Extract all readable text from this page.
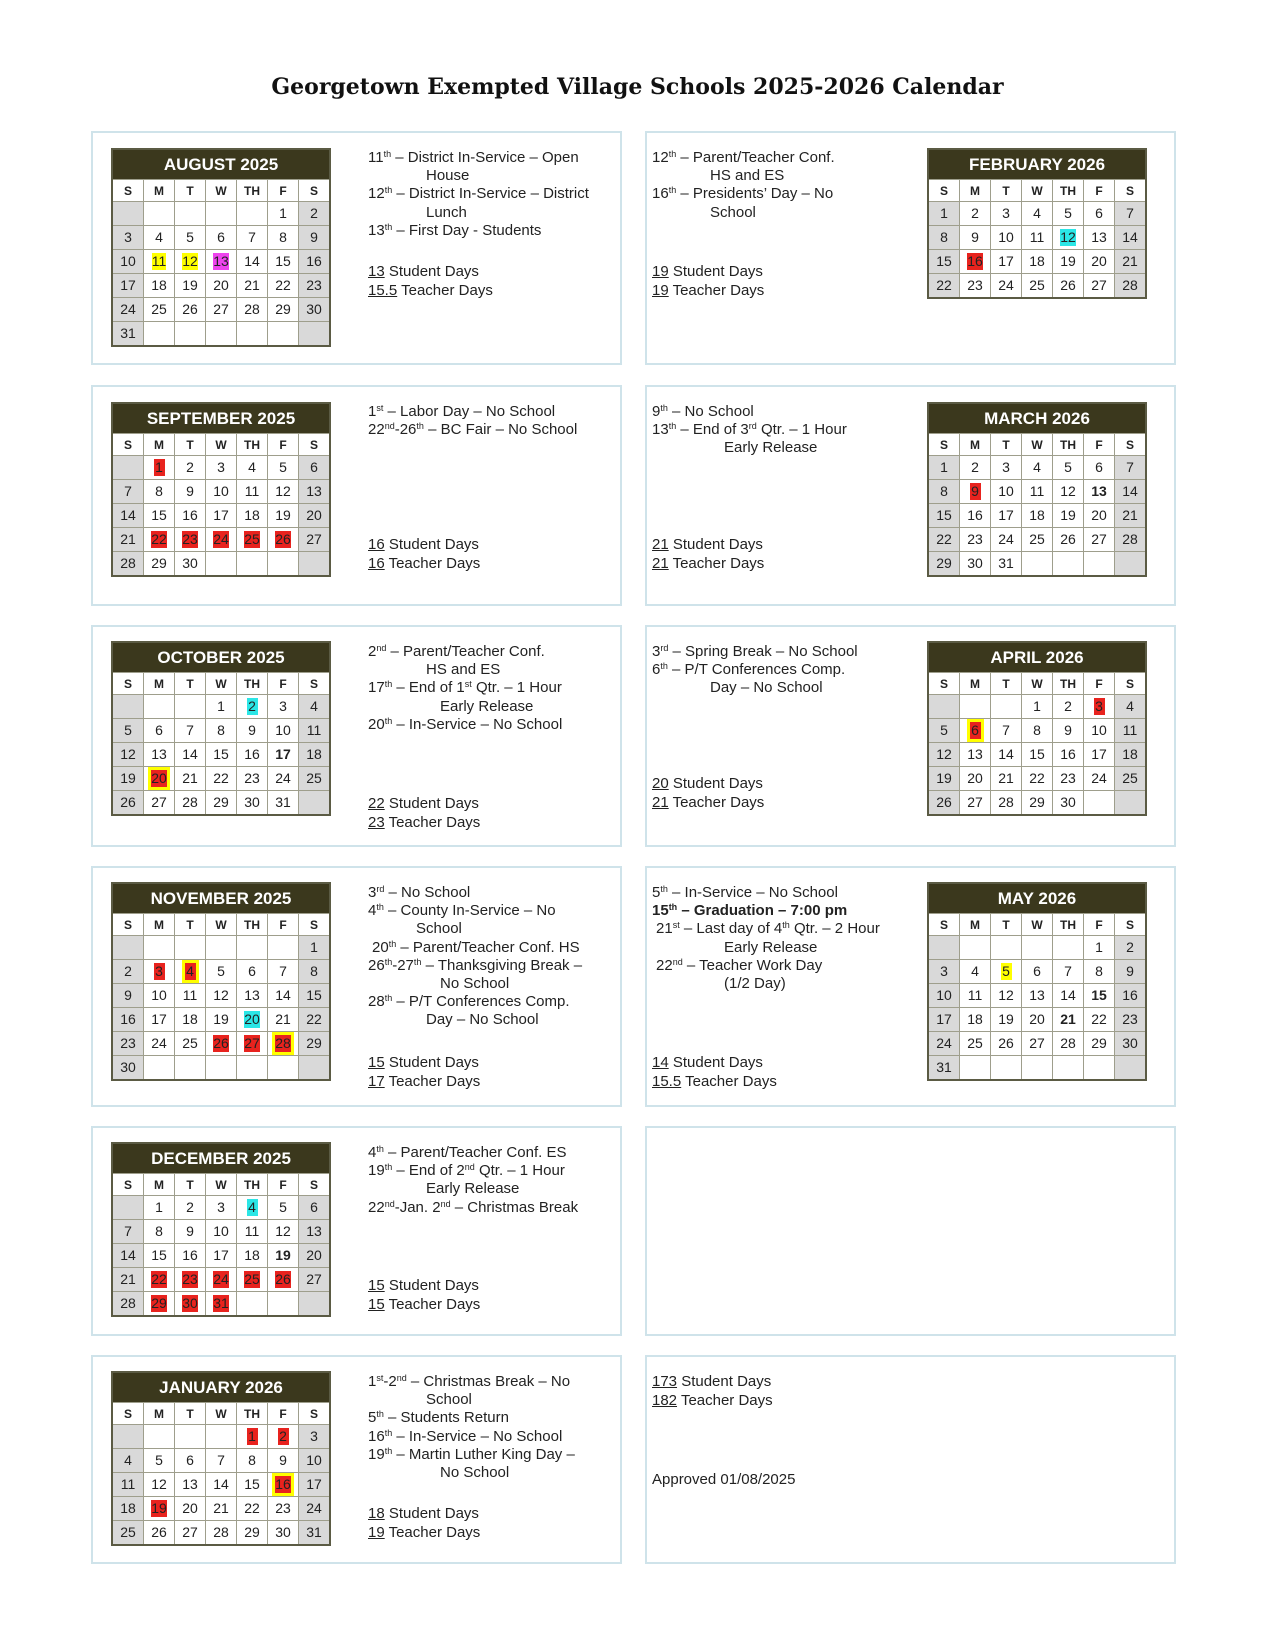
Georgetown Exempted Village Schools 2025-2026 Calendar
AUGUST 2025						
S	M	T	W	TH	F	S
					1	2
3	4	5	6	7	8	9
10	11	12	13	14	15	16
17	18	19	20	21	22	23
24	25	26	27	28	29	30
31						
FEBRUARY 2026						
S	M	T	W	TH	F	S
1	2	3	4	5	6	7
8	9	10	11	12	13	14
15	16	17	18	19	20	21
22	23	24	25	26	27	28
SEPTEMBER 2025						
S	M	T	W	TH	F	S
	1	2	3	4	5	6
7	8	9	10	11	12	13
14	15	16	17	18	19	20
21	22	23	24	25	26	27
28	29	30				
MARCH 2026						
S	M	T	W	TH	F	S
1	2	3	4	5	6	7
8	9	10	11	12	13	14
15	16	17	18	19	20	21
22	23	24	25	26	27	28
29	30	31				
OCTOBER 2025						
S	M	T	W	TH	F	S
			1	2	3	4
5	6	7	8	9	10	11
12	13	14	15	16	17	18
19	20	21	22	23	24	25
26	27	28	29	30	31	
APRIL 2026						
S	M	T	W	TH	F	S
			1	2	3	4
5	6	7	8	9	10	11
12	13	14	15	16	17	18
19	20	21	22	23	24	25
26	27	28	29	30		
NOVEMBER 2025						
S	M	T	W	TH	F	S
						1
2	3	4	5	6	7	8
9	10	11	12	13	14	15
16	17	18	19	20	21	22
23	24	25	26	27	28	29
30						
MAY 2026						
S	M	T	W	TH	F	S
					1	2
3	4	5	6	7	8	9
10	11	12	13	14	15	16
17	18	19	20	21	22	23
24	25	26	27	28	29	30
31						
DECEMBER 2025						
S	M	T	W	TH	F	S
	1	2	3	4	5	6
7	8	9	10	11	12	13
14	15	16	17	18	19	20
21	22	23	24	25	26	27
28	29	30	31			
JANUARY 2026						
S	M	T	W	TH	F	S
				1	2	3
4	5	6	7	8	9	10
11	12	13	14	15	16	17
18	19	20	21	22	23	24
25	26	27	28	29	30	31
11th – District In-Service – Open
House
12th – District In-Service – District
Lunch
13th – First Day - Students
12th – Parent/Teacher Conf.
HS and ES
16th – Presidents’ Day – No
School
1st – Labor Day – No School
22nd-26th – BC Fair – No School
9th – No School
13th – End of 3rd Qtr. – 1 Hour
Early Release
2nd – Parent/Teacher Conf.
HS and ES
17th – End of 1st Qtr. – 1 Hour
Early Release
20th – In-Service – No School
3rd – Spring Break – No School
6th – P/T Conferences Comp.
Day – No School
3rd – No School
4th – County In-Service – No
School
20th – Parent/Teacher Conf. HS
26th-27th – Thanksgiving Break –
No School
28th – P/T Conferences Comp.
Day – No School
5th – In-Service – No School
15th – Graduation – 7:00 pm
21st – Last day of 4th Qtr. – 2 Hour
Early Release
22nd – Teacher Work Day
(1/2 Day)
4th – Parent/Teacher Conf. ES
19th – End of 2nd Qtr. – 1 Hour
Early Release
22nd-Jan. 2nd – Christmas Break
1st-2nd – Christmas Break – No
School
5th – Students Return
16th – In-Service – No School
19th – Martin Luther King Day –
No School
13 Student Days
15.5 Teacher Days
19 Student Days
19 Teacher Days
16 Student Days
16 Teacher Days
21 Student Days
21 Teacher Days
22 Student Days
23 Teacher Days
20 Student Days
21 Teacher Days
15 Student Days
17 Teacher Days
14 Student Days
15.5 Teacher Days
15 Student Days
15 Teacher Days
18 Student Days
19 Teacher Days
173 Student Days
182 Teacher Days
Approved 01/08/2025
